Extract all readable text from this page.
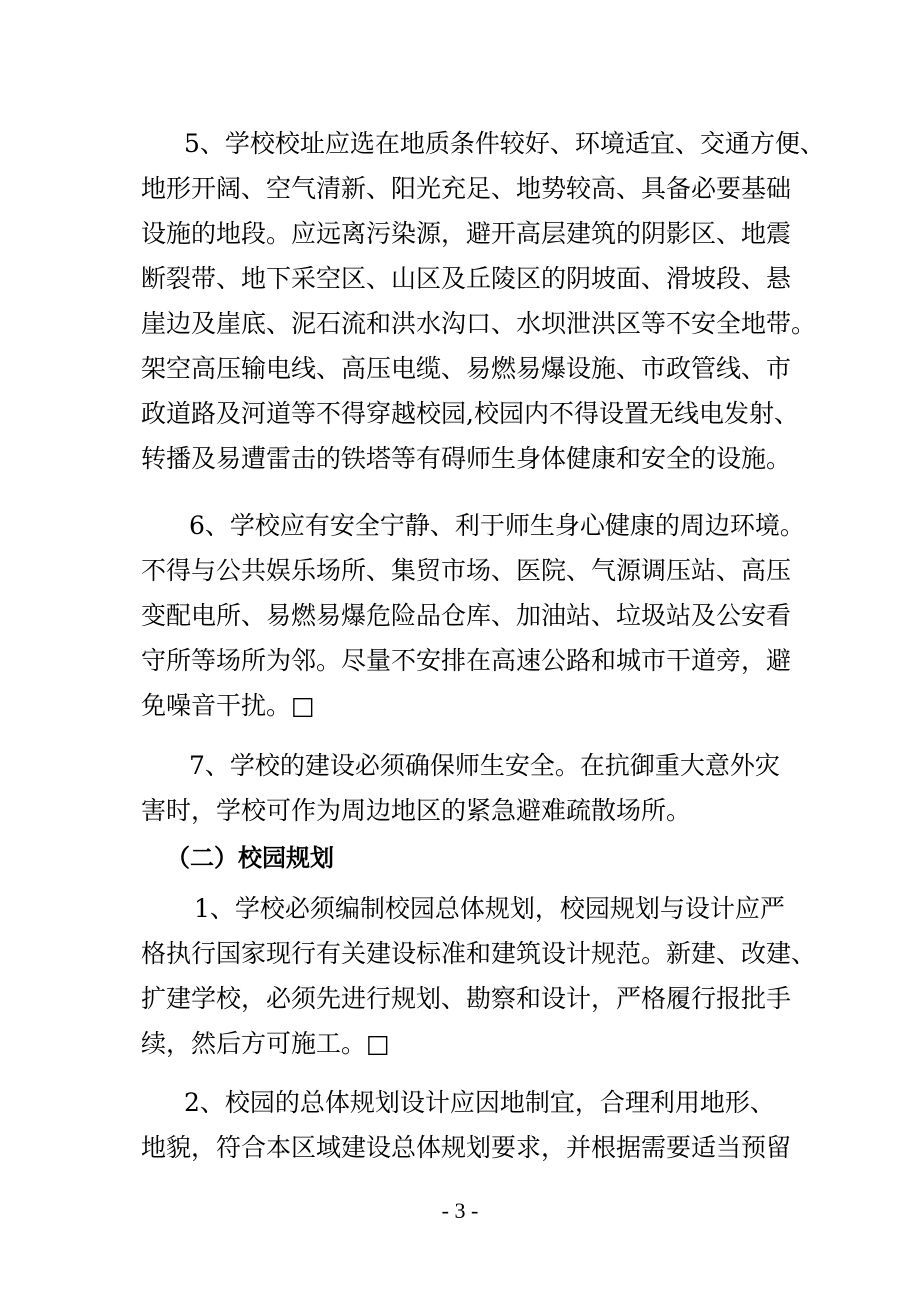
5、学校校址应选在地质条件较好、环境适宜、交通方便、
地形开阔、空气清新、阳光充足、地势较高、具备必要基础
设施的地段。应远离污染源，避开高层建筑的阴影区、地震
断裂带、地下采空区、山区及丘陵区的阴坡面、滑坡段、悬
崖边及崖底、泥石流和洪水沟口、水坝泄洪区等不安全地带。
架空高压输电线、高压电缆、易燃易爆设施、市政管线、市
政道路及河道等不得穿越校园,校园内不得设置无线电发射、
转播及易遭雷击的铁塔等有碍师生身体健康和安全的设施。
6、学校应有安全宁静、利于师生身心健康的周边环境。
不得与公共娱乐场所、集贸市场、医院、气源调压站、高压
变配电所、易燃易爆危险品仓库、加油站、垃圾站及公安看
守所等场所为邻。尽量不安排在高速公路和城市干道旁，避
免噪音干扰。□
7、学校的建设必须确保师生安全。在抗御重大意外灾
害时，学校可作为周边地区的紧急避难疏散场所。
（二）校园规划
1、学校必须编制校园总体规划，校园规划与设计应严
格执行国家现行有关建设标准和建筑设计规范。新建、改建、
扩建学校，必须先进行规划、勘察和设计，严格履行报批手
续，然后方可施工。□
2、校园的总体规划设计应因地制宜，合理利用地形、
地貌，符合本区域建设总体规划要求，并根据需要适当预留
- 3 -
